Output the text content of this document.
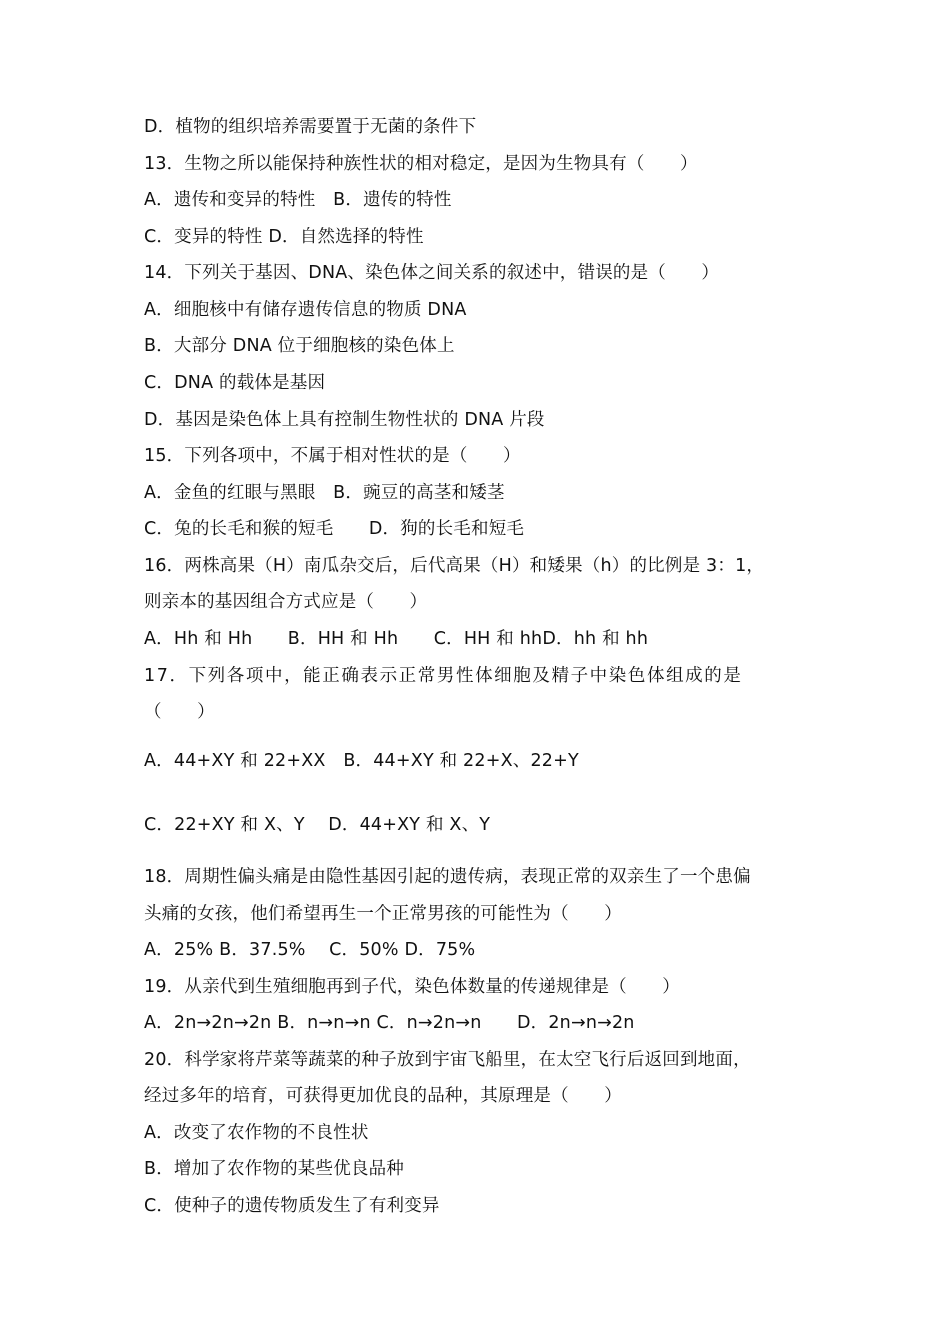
D．植物的组织培养需要置于无菌的条件下
13．生物之所以能保持种族性状的相对稳定，是因为生物具有（　　）
A．遗传和变异的特性　B．遗传的特性
C．变异的特性 D．自然选择的特性
14．下列关于基因、DNA、染色体之间关系的叙述中，错误的是（　　）
A．细胞核中有储存遗传信息的物质 DNA
B．大部分 DNA 位于细胞核的染色体上
C．DNA 的载体是基因
D．基因是染色体上具有控制生物性状的 DNA 片段
15．下列各项中，不属于相对性状的是（　　）
A．金鱼的红眼与黑眼　B．豌豆的高茎和矮茎
C．兔的长毛和猴的短毛　　D．狗的长毛和短毛
16．两株高果（H）南瓜杂交后，后代高果（H）和矮果（h）的比例是 3：1，
则亲本的基因组合方式应是（　　）
A．Hh 和 Hh　　B．HH 和 Hh　　C．HH 和 hhD．hh 和 hh
17．下列各项中，能正确表示正常男性体细胞及精子中染色体组成的是
（　　）
A．44+XY 和 22+XX　B．44+XY 和 22+X、22+Y
C．22+XY 和 X、Y　 D．44+XY 和 X、Y
18．周期性偏头痛是由隐性基因引起的遗传病，表现正常的双亲生了一个患偏
头痛的女孩，他们希望再生一个正常男孩的可能性为（　　）
A．25% B．37.5%　 C．50% D．75%
19．从亲代到生殖细胞再到子代，染色体数量的传递规律是（　　）
A．2n→2n→2n B．n→n→n C．n→2n→n　　D．2n→n→2n
20．科学家将芹菜等蔬菜的种子放到宇宙飞船里，在太空飞行后返回到地面，
经过多年的培育，可获得更加优良的品种，其原理是（　　）
A．改变了农作物的不良性状
B．增加了农作物的某些优良品种
C．使种子的遗传物质发生了有利变异
